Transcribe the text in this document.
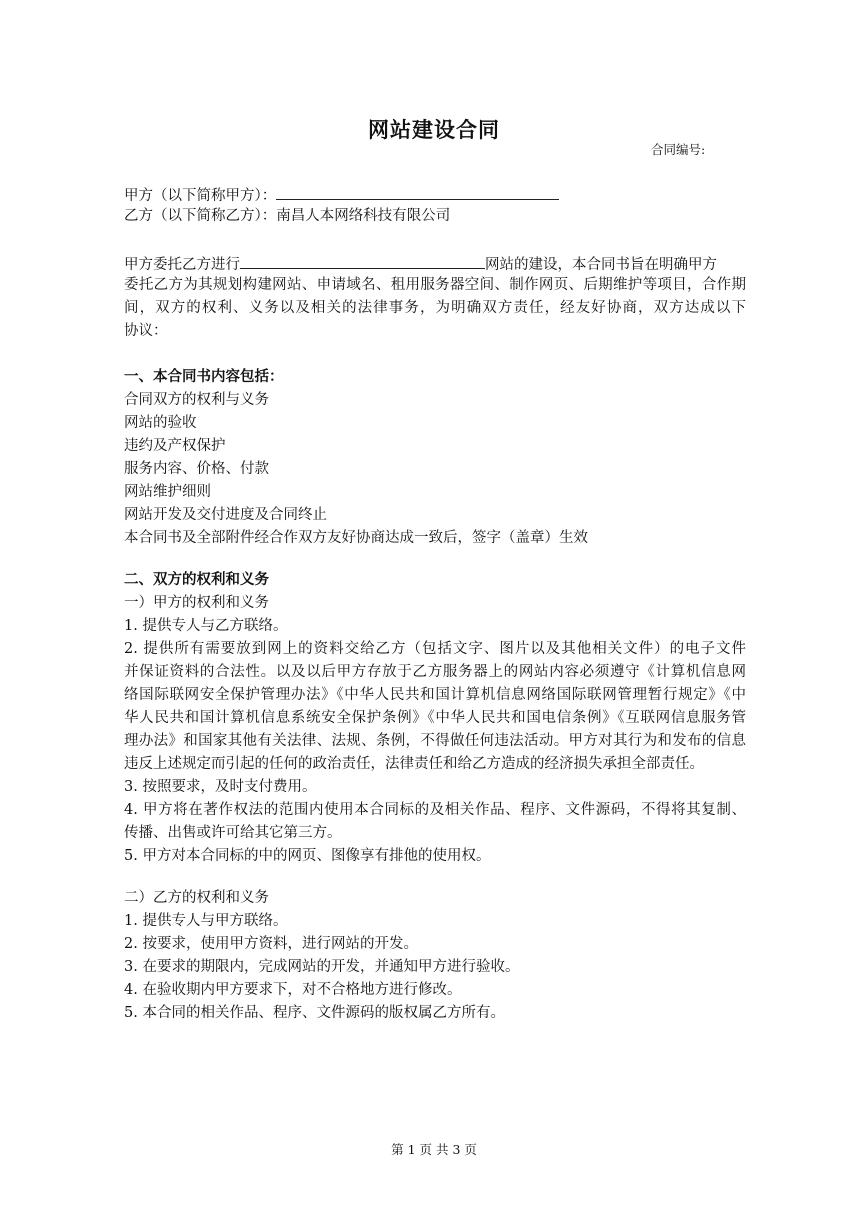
网站建设合同
合同编号:
甲方（以下简称甲方）：
乙方（以下简称乙方）：南昌人本网络科技有限公司
甲方委托乙方进行	网站的建设，本合同书旨在明确甲方
委托乙方为其规划构建网站、申请域名、租用服务器空间、制作网页、后期维护等项目，合作期
间，双方的权利、义务以及相关的法律事务，为明确双方责任，经友好协商，双方达成以下
协议：
一、本合同书内容包括：
合同双方的权利与义务
网站的验收
违约及产权保护
服务内容、价格、付款
网站维护细则
网站开发及交付进度及合同终止
本合同书及全部附件经合作双方友好协商达成一致后，签字（盖章）生效
二、双方的权利和义务
一）甲方的权利和义务
1. 提供专人与乙方联络。
2. 提供所有需要放到网上的资料交给乙方（包括文字、图片以及其他相关文件）的电子文件
并保证资料的合法性。以及以后甲方存放于乙方服务器上的网站内容必须遵守《计算机信息网
络国际联网安全保护管理办法》《中华人民共和国计算机信息网络国际联网管理暂行规定》《中
华人民共和国计算机信息系统安全保护条例》《中华人民共和国电信条例》《互联网信息服务管
理办法》和国家其他有关法律、法规、条例，不得做任何违法活动。甲方对其行为和发布的信息
违反上述规定而引起的任何的政治责任，法律责任和给乙方造成的经济损失承担全部责任。
3. 按照要求，及时支付费用。
4. 甲方将在著作权法的范围内使用本合同标的及相关作品、程序、文件源码，不得将其复制、
传播、出售或许可给其它第三方。
5. 甲方对本合同标的中的网页、图像享有排他的使用权。
二）乙方的权利和义务
1. 提供专人与甲方联络。
2. 按要求，使用甲方资料，进行网站的开发。
3. 在要求的期限内，完成网站的开发，并通知甲方进行验收。
4. 在验收期内甲方要求下，对不合格地方进行修改。
5. 本合同的相关作品、程序、文件源码的版权属乙方所有。
第 1 页 共 3 页
